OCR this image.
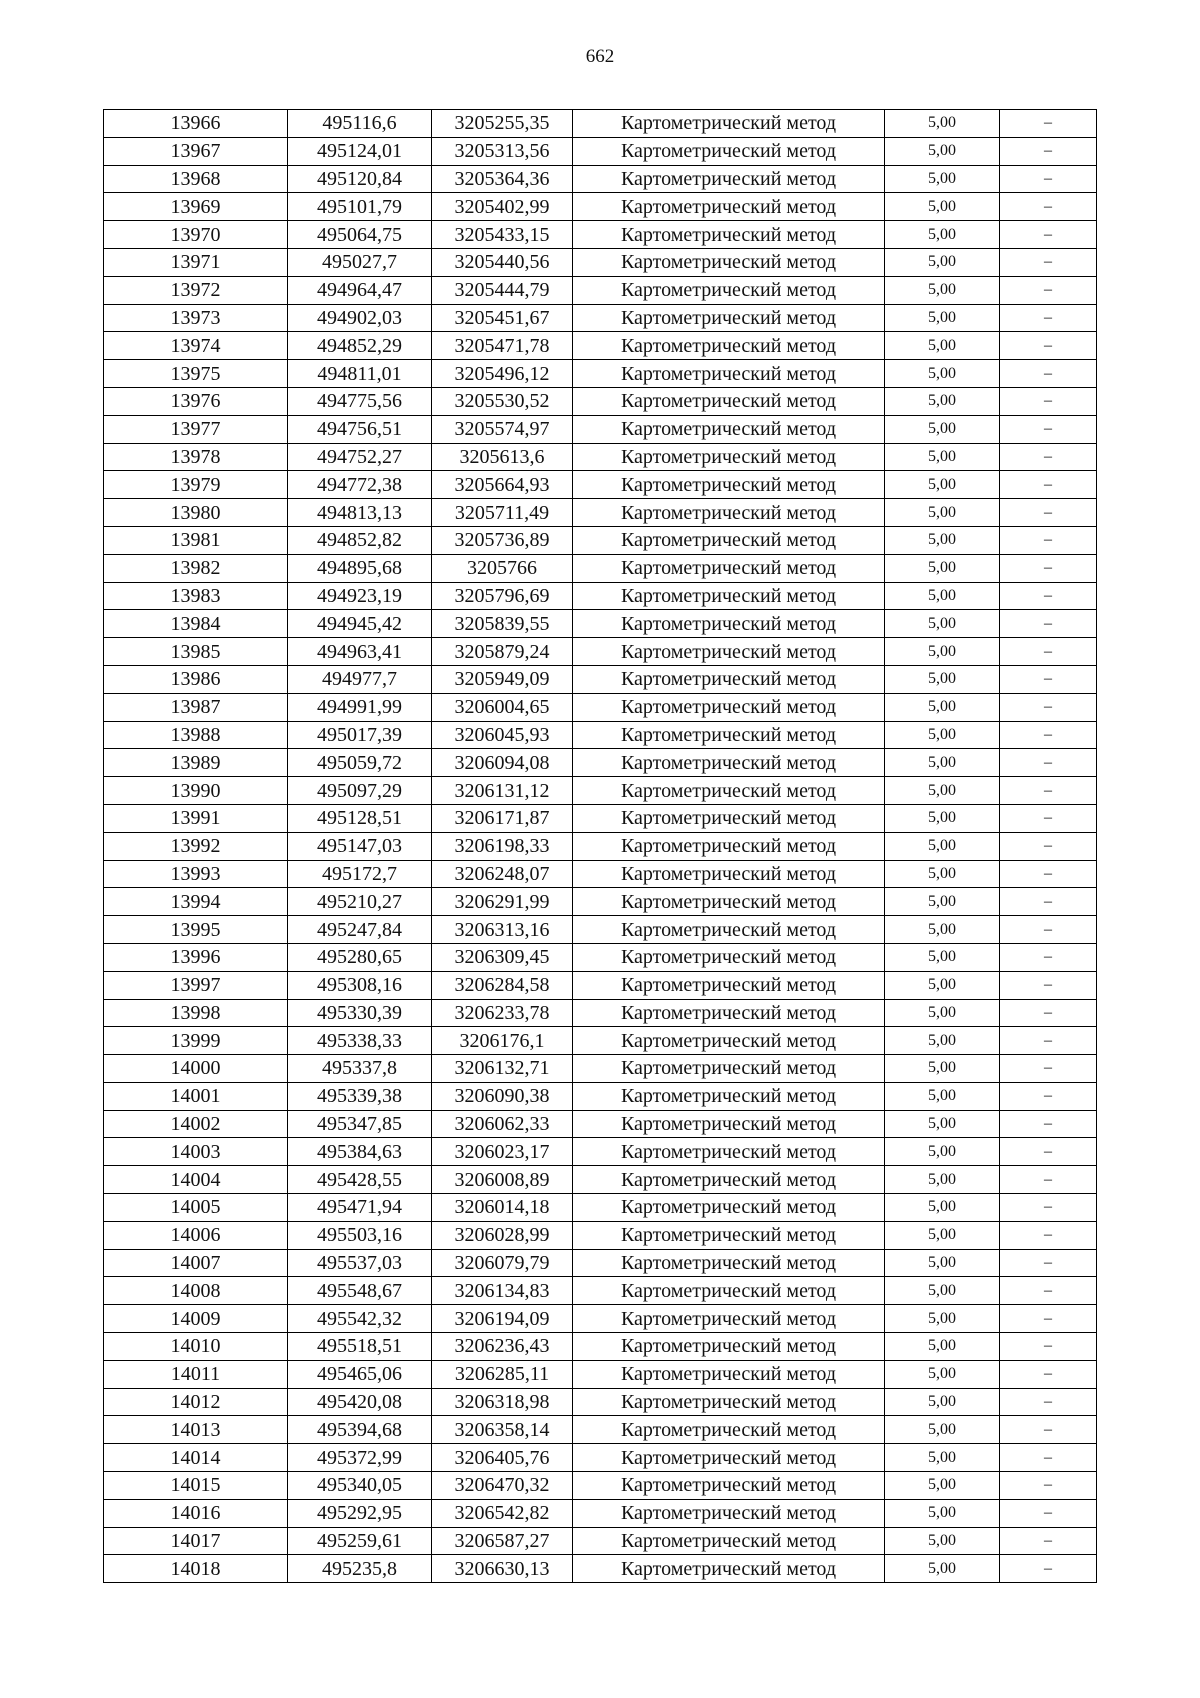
662
13966	495116,6	3205255,35	Картометрический метод	5,00	–
13967	495124,01	3205313,56	Картометрический метод	5,00	–
13968	495120,84	3205364,36	Картометрический метод	5,00	–
13969	495101,79	3205402,99	Картометрический метод	5,00	–
13970	495064,75	3205433,15	Картометрический метод	5,00	–
13971	495027,7	3205440,56	Картометрический метод	5,00	–
13972	494964,47	3205444,79	Картометрический метод	5,00	–
13973	494902,03	3205451,67	Картометрический метод	5,00	–
13974	494852,29	3205471,78	Картометрический метод	5,00	–
13975	494811,01	3205496,12	Картометрический метод	5,00	–
13976	494775,56	3205530,52	Картометрический метод	5,00	–
13977	494756,51	3205574,97	Картометрический метод	5,00	–
13978	494752,27	3205613,6	Картометрический метод	5,00	–
13979	494772,38	3205664,93	Картометрический метод	5,00	–
13980	494813,13	3205711,49	Картометрический метод	5,00	–
13981	494852,82	3205736,89	Картометрический метод	5,00	–
13982	494895,68	3205766	Картометрический метод	5,00	–
13983	494923,19	3205796,69	Картометрический метод	5,00	–
13984	494945,42	3205839,55	Картометрический метод	5,00	–
13985	494963,41	3205879,24	Картометрический метод	5,00	–
13986	494977,7	3205949,09	Картометрический метод	5,00	–
13987	494991,99	3206004,65	Картометрический метод	5,00	–
13988	495017,39	3206045,93	Картометрический метод	5,00	–
13989	495059,72	3206094,08	Картометрический метод	5,00	–
13990	495097,29	3206131,12	Картометрический метод	5,00	–
13991	495128,51	3206171,87	Картометрический метод	5,00	–
13992	495147,03	3206198,33	Картометрический метод	5,00	–
13993	495172,7	3206248,07	Картометрический метод	5,00	–
13994	495210,27	3206291,99	Картометрический метод	5,00	–
13995	495247,84	3206313,16	Картометрический метод	5,00	–
13996	495280,65	3206309,45	Картометрический метод	5,00	–
13997	495308,16	3206284,58	Картометрический метод	5,00	–
13998	495330,39	3206233,78	Картометрический метод	5,00	–
13999	495338,33	3206176,1	Картометрический метод	5,00	–
14000	495337,8	3206132,71	Картометрический метод	5,00	–
14001	495339,38	3206090,38	Картометрический метод	5,00	–
14002	495347,85	3206062,33	Картометрический метод	5,00	–
14003	495384,63	3206023,17	Картометрический метод	5,00	–
14004	495428,55	3206008,89	Картометрический метод	5,00	–
14005	495471,94	3206014,18	Картометрический метод	5,00	–
14006	495503,16	3206028,99	Картометрический метод	5,00	–
14007	495537,03	3206079,79	Картометрический метод	5,00	–
14008	495548,67	3206134,83	Картометрический метод	5,00	–
14009	495542,32	3206194,09	Картометрический метод	5,00	–
14010	495518,51	3206236,43	Картометрический метод	5,00	–
14011	495465,06	3206285,11	Картометрический метод	5,00	–
14012	495420,08	3206318,98	Картометрический метод	5,00	–
14013	495394,68	3206358,14	Картометрический метод	5,00	–
14014	495372,99	3206405,76	Картометрический метод	5,00	–
14015	495340,05	3206470,32	Картометрический метод	5,00	–
14016	495292,95	3206542,82	Картометрический метод	5,00	–
14017	495259,61	3206587,27	Картометрический метод	5,00	–
14018	495235,8	3206630,13	Картометрический метод	5,00	–
